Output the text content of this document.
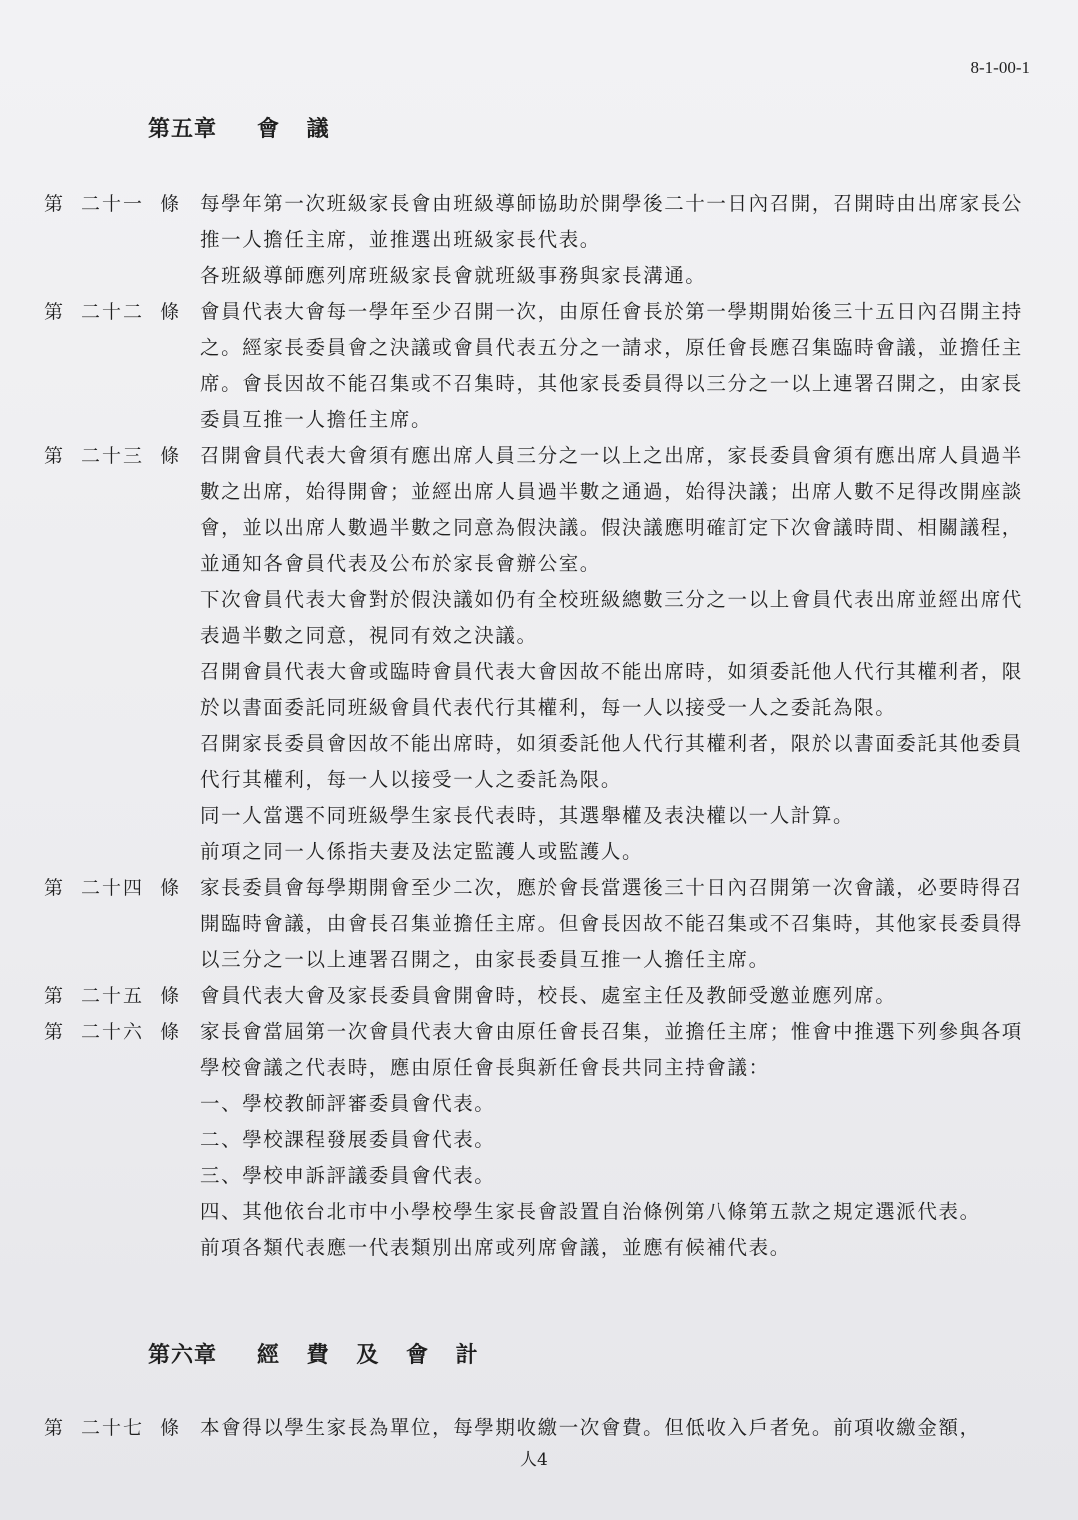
8-1-00-1
第五章 會 議
第 二十一 條 每學年第一次班級家長會由班級導師協助於開學後二十一日內召開，召開時由出席家長公推一人擔任主席，並推選出班級家長代表。

各班級導師應列席班級家長會就班級事務與家長溝通。

第 二十二 條 會員代表大會每一學年至少召開一次，由原任會長於第一學期開始後三十五日內召開主持之。經家長委員會之決議或會員代表五分之一請求，原任會長應召集臨時會議，並擔任主席。會長因故不能召集或不召集時，其他家長委員得以三分之一以上連署召開之，由家長委員互推一人擔任主席。

第 二十三 條 召開會員代表大會須有應出席人員三分之一以上之出席，家長委員會須有應出席人員過半數之出席，始得開會；並經出席人員過半數之通過，始得決議；出席人數不足得改開座談會，並以出席人數過半數之同意為假決議。假決議應明確訂定下次會議時間、相關議程，並通知各會員代表及公布於家長會辦公室。

下次會員代表大會對於假決議如仍有全校班級總數三分之一以上會員代表出席並經出席代表過半數之同意，視同有效之決議。

召開會員代表大會或臨時會員代表大會因故不能出席時，如須委託他人代行其權利者，限於以書面委託同班級會員代表代行其權利，每一人以接受一人之委託為限。

召開家長委員會因故不能出席時，如須委託他人代行其權利者，限於以書面委託其他委員代行其權利，每一人以接受一人之委託為限。

同一人當選不同班級學生家長代表時，其選舉權及表決權以一人計算。

前項之同一人係指夫妻及法定監護人或監護人。

第 二十四 條 家長委員會每學期開會至少二次，應於會長當選後三十日內召開第一次會議，必要時得召開臨時會議，由會長召集並擔任主席。但會長因故不能召集或不召集時，其他家長委員得以三分之一以上連署召開之，由家長委員互推一人擔任主席。

第 二十五 條 會員代表大會及家長委員會開會時，校長、處室主任及教師受邀並應列席。

第 二十六 條 家長會當屆第一次會員代表大會由原任會長召集，並擔任主席；惟會中推選下列參與各項學校會議之代表時，應由原任會長與新任會長共同主持會議：

一、學校教師評審委員會代表。

二、學校課程發展委員會代表。

三、學校申訴評議委員會代表。

四、其他依台北市中小學校學生家長會設置自治條例第八條第五款之規定選派代表。

前項各類代表應一代表類別出席或列席會議，並應有候補代表。

第六章 經 費 及 會 計
第 二十七 條 本會得以學生家長為單位，每學期收繳一次會費。但低收入戶者免。前項收繳金額，

人4
